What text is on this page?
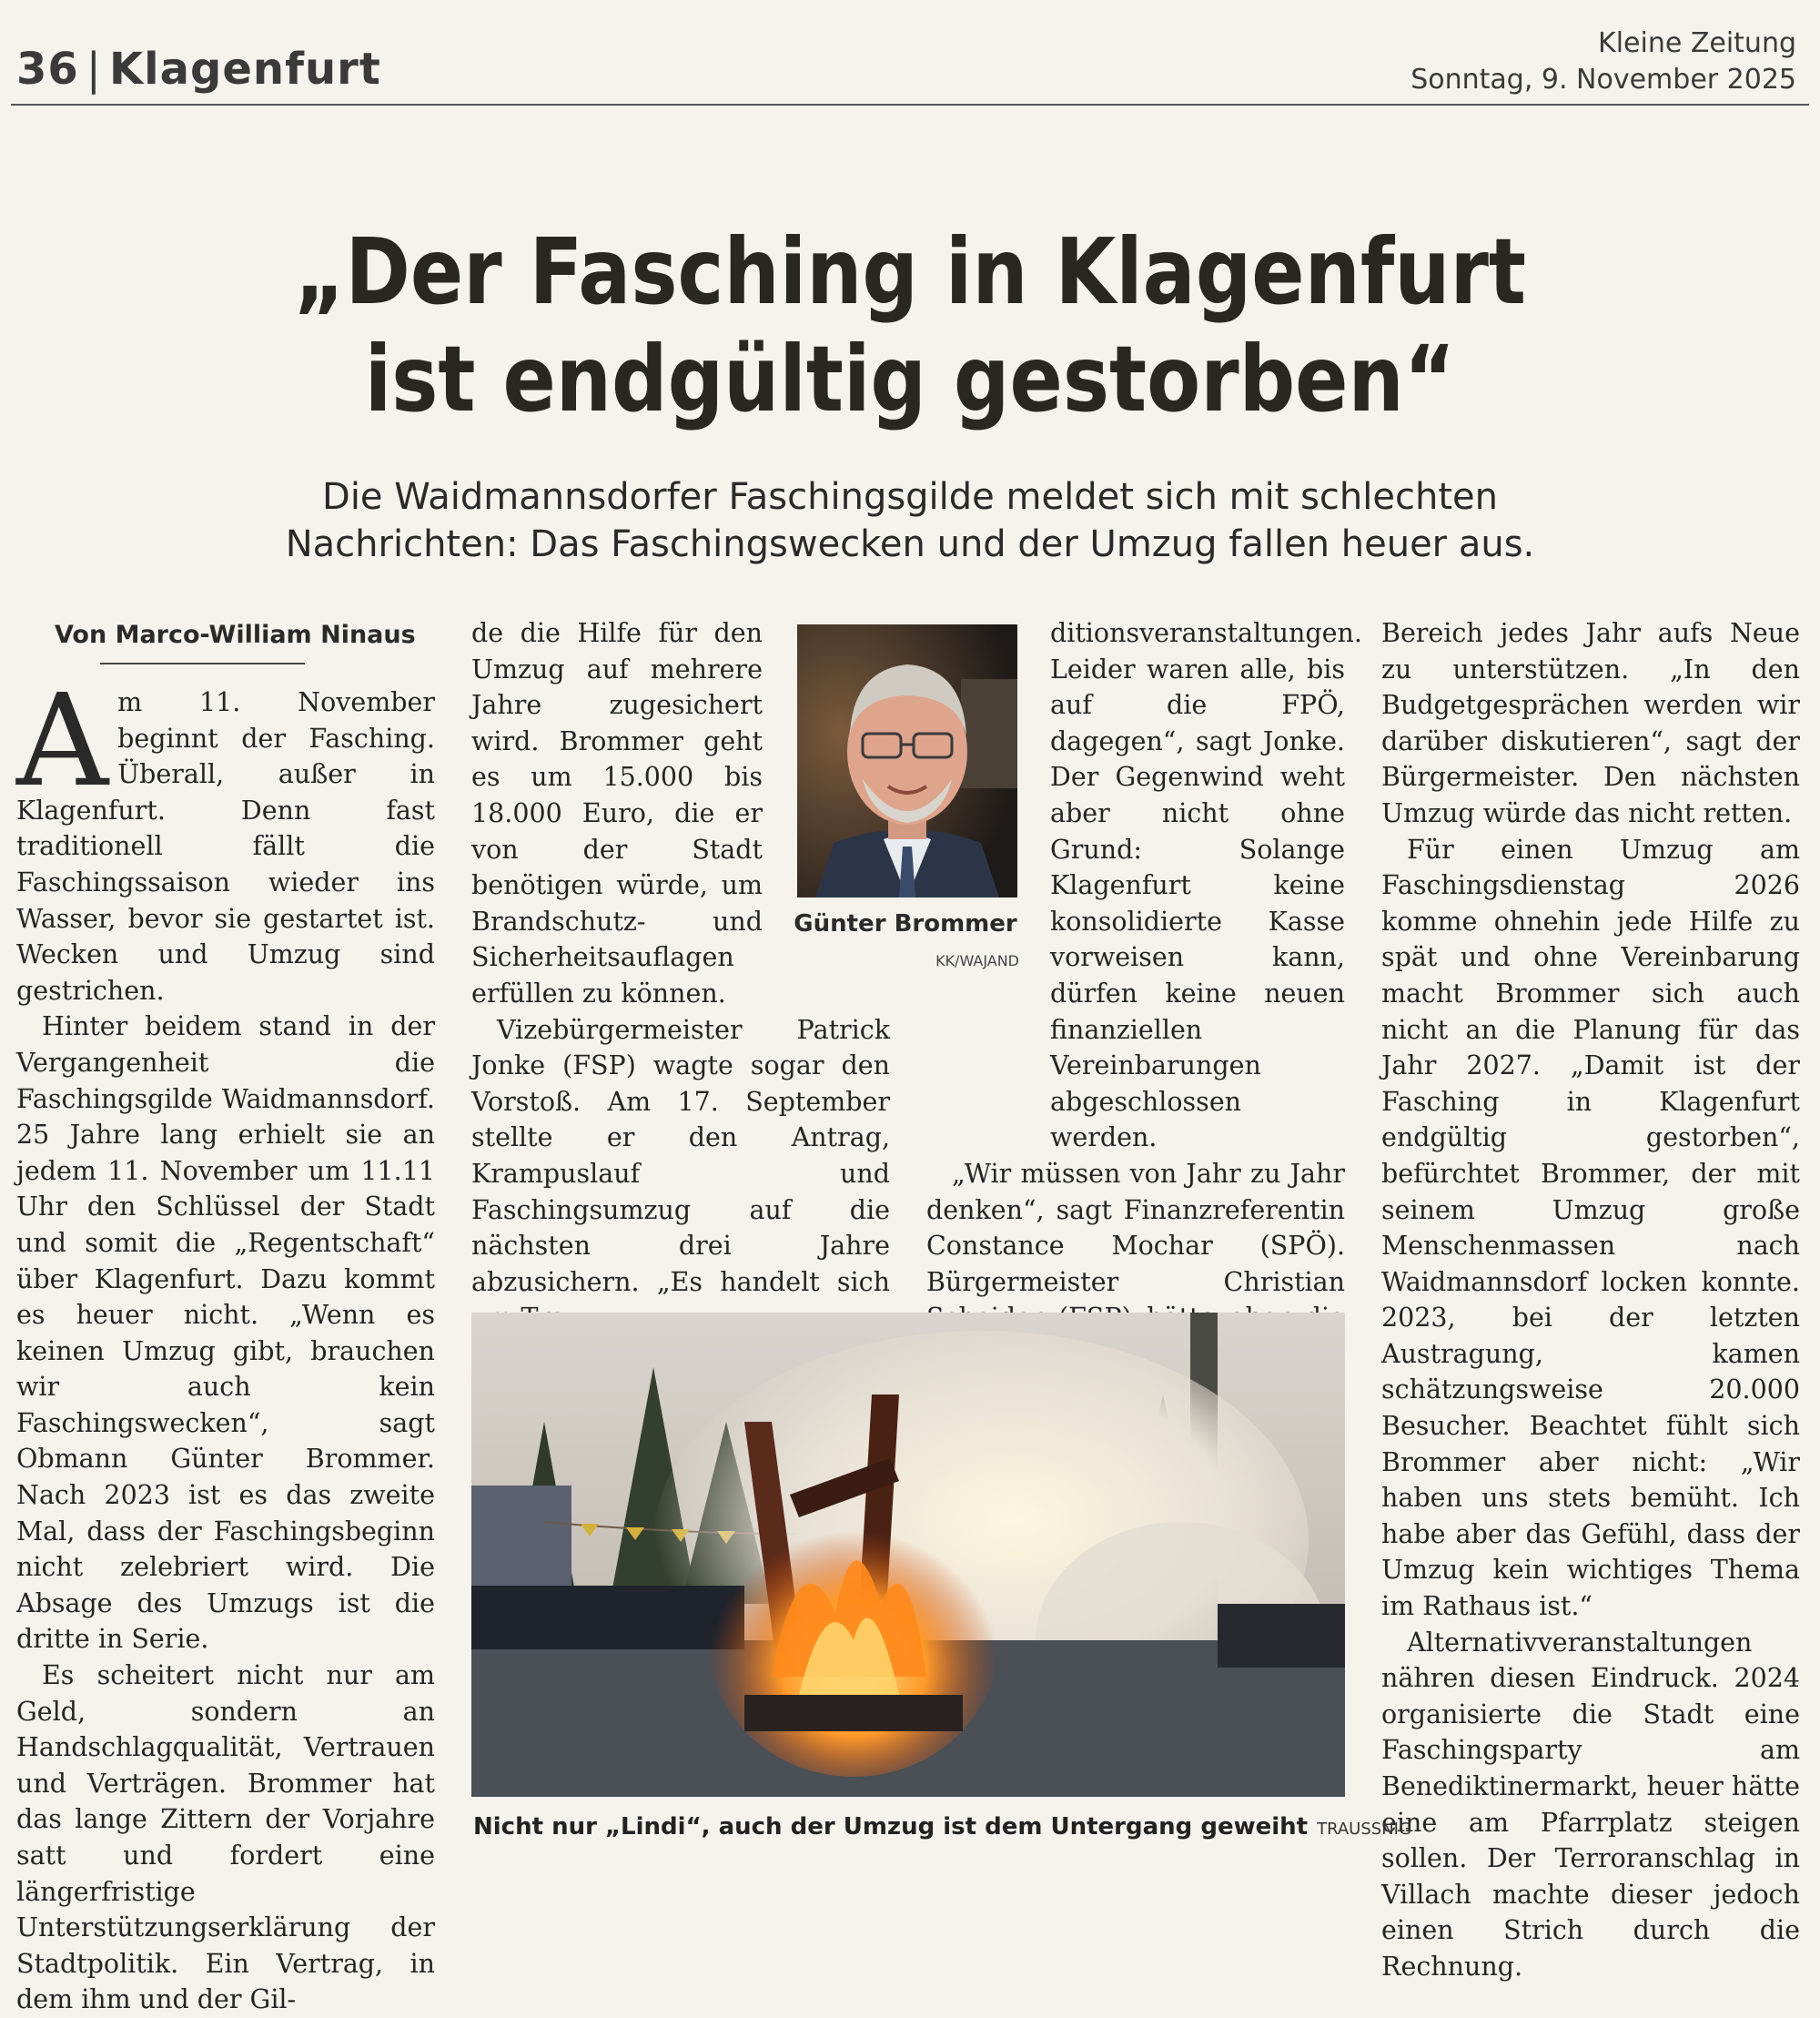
36 | Klagenfurt
Kleine Zeitung
Sonntag, 9. November 2025
„Der Fasching in Klagenfurt
ist endgültig gestorben“
Die Waidmannsdorfer Faschingsgilde meldet sich mit schlechten
Nachrichten: Das Faschingswecken und der Umzug fallen heuer aus.
Von Marco-William Ninaus

Am 11. November beginnt der Fasching. Überall, außer in Klagenfurt. Denn fast traditionell fällt die Faschingssaison wieder ins Wasser, bevor sie gestartet ist. Wecken und Umzug sind gestrichen.

Hinter beidem stand in der Vergangenheit die Faschingsgilde Waidmannsdorf. 25 Jahre lang erhielt sie an jedem 11. November um 11.11 Uhr den Schlüssel der Stadt und somit die „Regentschaft“ über Klagenfurt. Dazu kommt es heuer nicht. „Wenn es keinen Umzug gibt, brauchen wir auch kein Faschingswecken“, sagt Obmann Günter Brommer. Nach 2023 ist es das zweite Mal, dass der Faschingsbeginn nicht zelebriert wird. Die Absage des Umzugs ist die dritte in Serie.

Es scheitert nicht nur am Geld, sondern an Handschlagqualität, Vertrauen und Verträgen. Brommer hat das lange Zittern der Vorjahre satt und fordert eine längerfristige Unterstützungserklärung der Stadtpolitik. Ein Vertrag, in dem ihm und der Gil-

de die Hilfe für den Umzug auf mehrere Jahre zugesichert wird. Brommer geht es um 15.000 bis 18.000 Euro, die er von der Stadt benötigen würde, um Brandschutz- und Sicherheitsauflagen erfüllen zu können.

Vizebürgermeister Patrick Jonke (FSP) wagte sogar den Vorstoß. Am 17. September stellte er den Antrag, Krampuslauf und Faschingsumzug auf die nächsten drei Jahre abzusichern. „Es handelt sich

Günter Brommer
KK/WAJAND

ditionsveranstaltungen. Leider waren alle, bis auf die FPÖ, dagegen“, sagt Jonke. Der Gegenwind weht aber nicht ohne Grund: Solange Klagenfurt keine konsolidierte Kasse vorweisen kann, dürfen keine neuen finanziellen Vereinbarungen abgeschlossen werden.

„Wir müssen von Jahr zu Jahr denken“, sagt Finanzreferentin Constance Mochar (SPÖ). Bürgermeister Christian

Bereich jedes Jahr aufs Neue zu unterstützen. „In den Budgetgesprächen werden wir darüber diskutieren“, sagt der Bürgermeister. Den nächsten Umzug würde das nicht retten.

Für einen Umzug am Faschingsdienstag 2026 komme ohnehin jede Hilfe zu spät und ohne Vereinbarung macht Brommer sich auch nicht an die Planung für das Jahr 2027. „Damit ist der Fasching in Klagenfurt endgültig gestorben“, befürchtet Brommer, der mit seinem Umzug große Menschenmassen nach Waidmannsdorf locken konnte. 2023, bei der letzten Austragung, kamen schätzungsweise 20.000 Besucher. Beachtet fühlt sich Brommer aber nicht: „Wir haben uns stets bemüht. Ich habe aber das Gefühl, dass der Umzug kein wichtiges Thema im Rathaus ist.“

Alternativveranstaltungen nähren diesen Eindruck. 2024 organisierte die Stadt eine Faschingsparty am Benediktinermarkt, heuer hätte eine am Pfarrplatz steigen sollen. Der Terroranschlag in Villach machte dieser jedoch einen Strich durch die Rechnung.

Nicht nur „Lindi“, auch der Umzug ist dem Untergang geweiht TRAUSSNIG
